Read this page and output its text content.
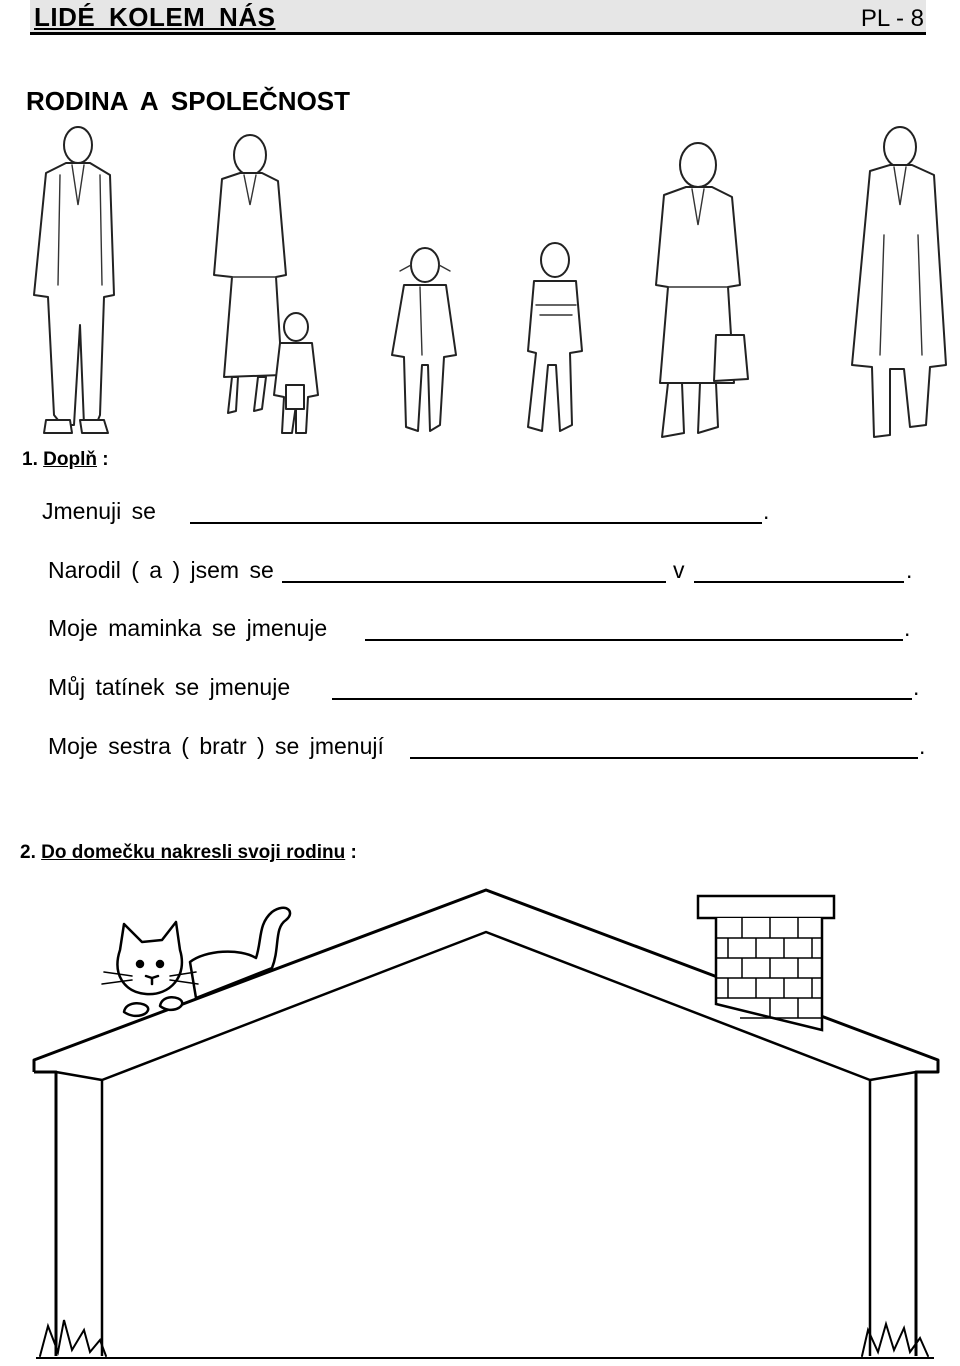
LIDÉ KOLEM NÁS	PL - 8
RODINA A SPOLEČNOST
1. Doplň :
Jmenuji se	.
Narodil ( a ) jsem se	v	.
Moje maminka se jmenuje	.
Můj tatínek se jmenuje	.
Moje sestra ( bratr ) se jmenují	.
2. Do domečku nakresli svoji rodinu :
